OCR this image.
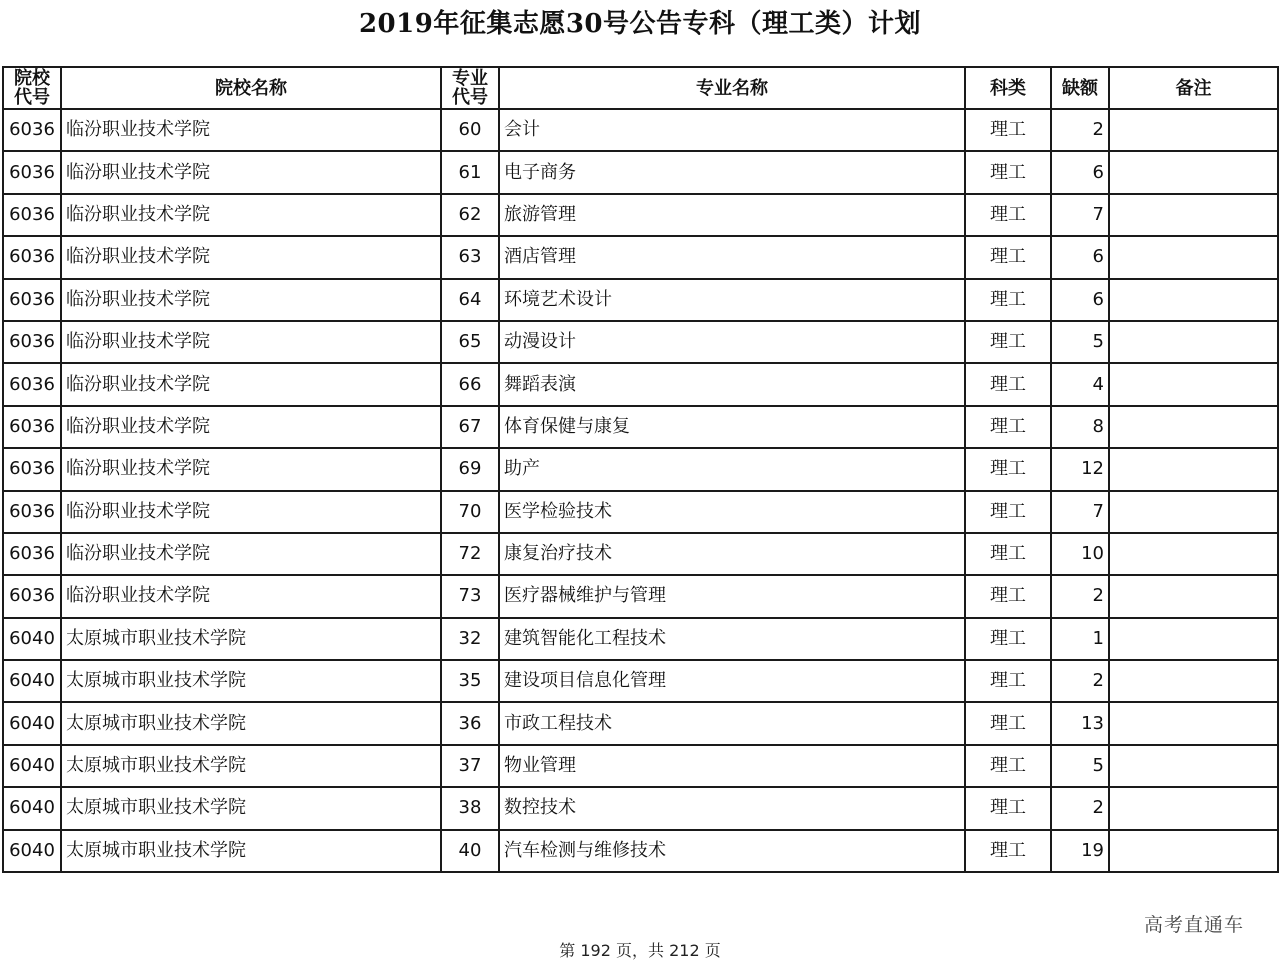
2019年征集志愿30号公告专科（理工类）计划
院校代号	院校名称	专业代号	专业名称	科类	缺额	备注
6036	临汾职业技术学院	60	会计	理工	2	
6036	临汾职业技术学院	61	电子商务	理工	6	
6036	临汾职业技术学院	62	旅游管理	理工	7	
6036	临汾职业技术学院	63	酒店管理	理工	6	
6036	临汾职业技术学院	64	环境艺术设计	理工	6	
6036	临汾职业技术学院	65	动漫设计	理工	5	
6036	临汾职业技术学院	66	舞蹈表演	理工	4	
6036	临汾职业技术学院	67	体育保健与康复	理工	8	
6036	临汾职业技术学院	69	助产	理工	12	
6036	临汾职业技术学院	70	医学检验技术	理工	7	
6036	临汾职业技术学院	72	康复治疗技术	理工	10	
6036	临汾职业技术学院	73	医疗器械维护与管理	理工	2	
6040	太原城市职业技术学院	32	建筑智能化工程技术	理工	1	
6040	太原城市职业技术学院	35	建设项目信息化管理	理工	2	
6040	太原城市职业技术学院	36	市政工程技术	理工	13	
6040	太原城市职业技术学院	37	物业管理	理工	5	
6040	太原城市职业技术学院	38	数控技术	理工	2	
6040	太原城市职业技术学院	40	汽车检测与维修技术	理工	19	
高考直通车
第 192 页，共 212 页
